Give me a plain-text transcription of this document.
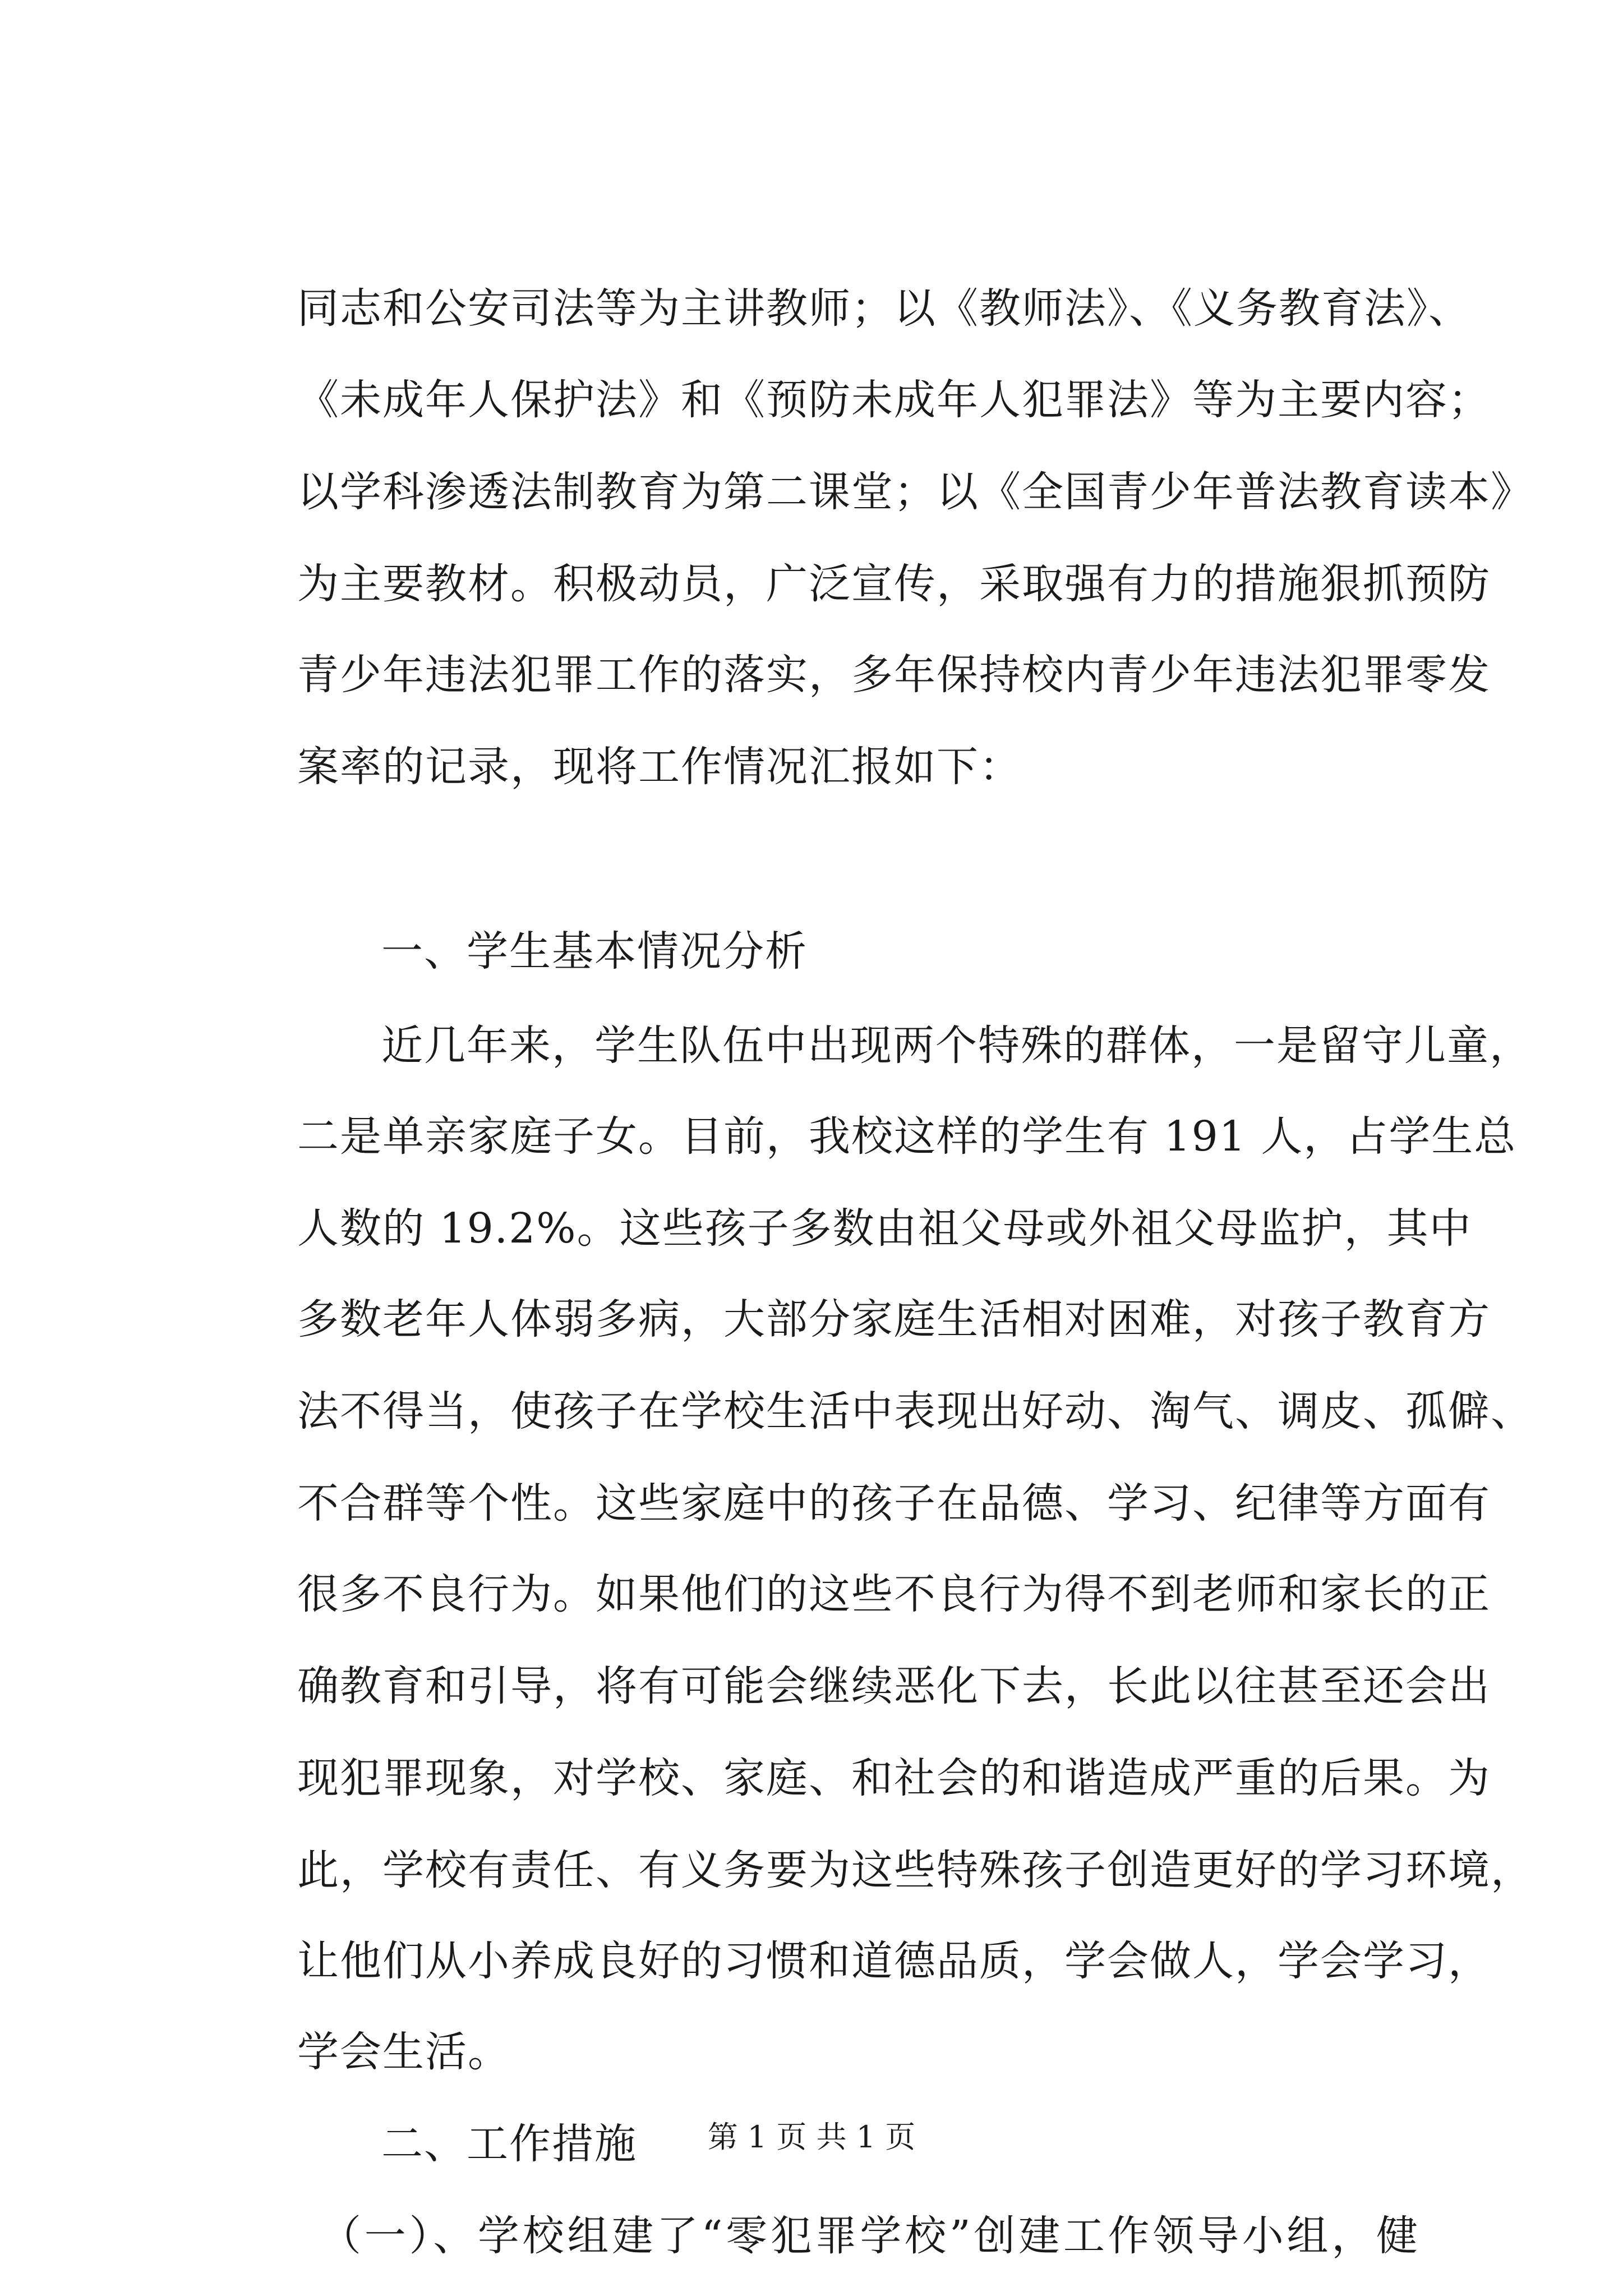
同志和公安司法等为主讲教师；以《教师法》、《义务教育法》、
《未成年人保护法》和《预防未成年人犯罪法》等为主要内容；
以学科渗透法制教育为第二课堂；以《全国青少年普法教育读本》
为主要教材。积极动员，广泛宣传，采取强有力的措施狠抓预防
青少年违法犯罪工作的落实，多年保持校内青少年违法犯罪零发
案率的记录，现将工作情况汇报如下：
一、学生基本情况分析
近几年来，学生队伍中出现两个特殊的群体，一是留守儿童，
二是单亲家庭子女。目前，我校这样的学生有 191 人，占学生总
人数的 19.2%。这些孩子多数由祖父母或外祖父母监护，其中
多数老年人体弱多病，大部分家庭生活相对困难，对孩子教育方
法不得当，使孩子在学校生活中表现出好动、淘气、调皮、孤僻、
不合群等个性。这些家庭中的孩子在品德、学习、纪律等方面有
很多不良行为。如果他们的这些不良行为得不到老师和家长的正
确教育和引导，将有可能会继续恶化下去，长此以往甚至还会出
现犯罪现象，对学校、家庭、和社会的和谐造成严重的后果。为
此，学校有责任、有义务要为这些特殊孩子创造更好的学习环境，
让他们从小养成良好的习惯和道德品质，学会做人，学会学习，
学会生活。
二、工作措施
（一）、学校组建了“零犯罪学校”创建工作领导小组，健
第 1 页 共 1 页
